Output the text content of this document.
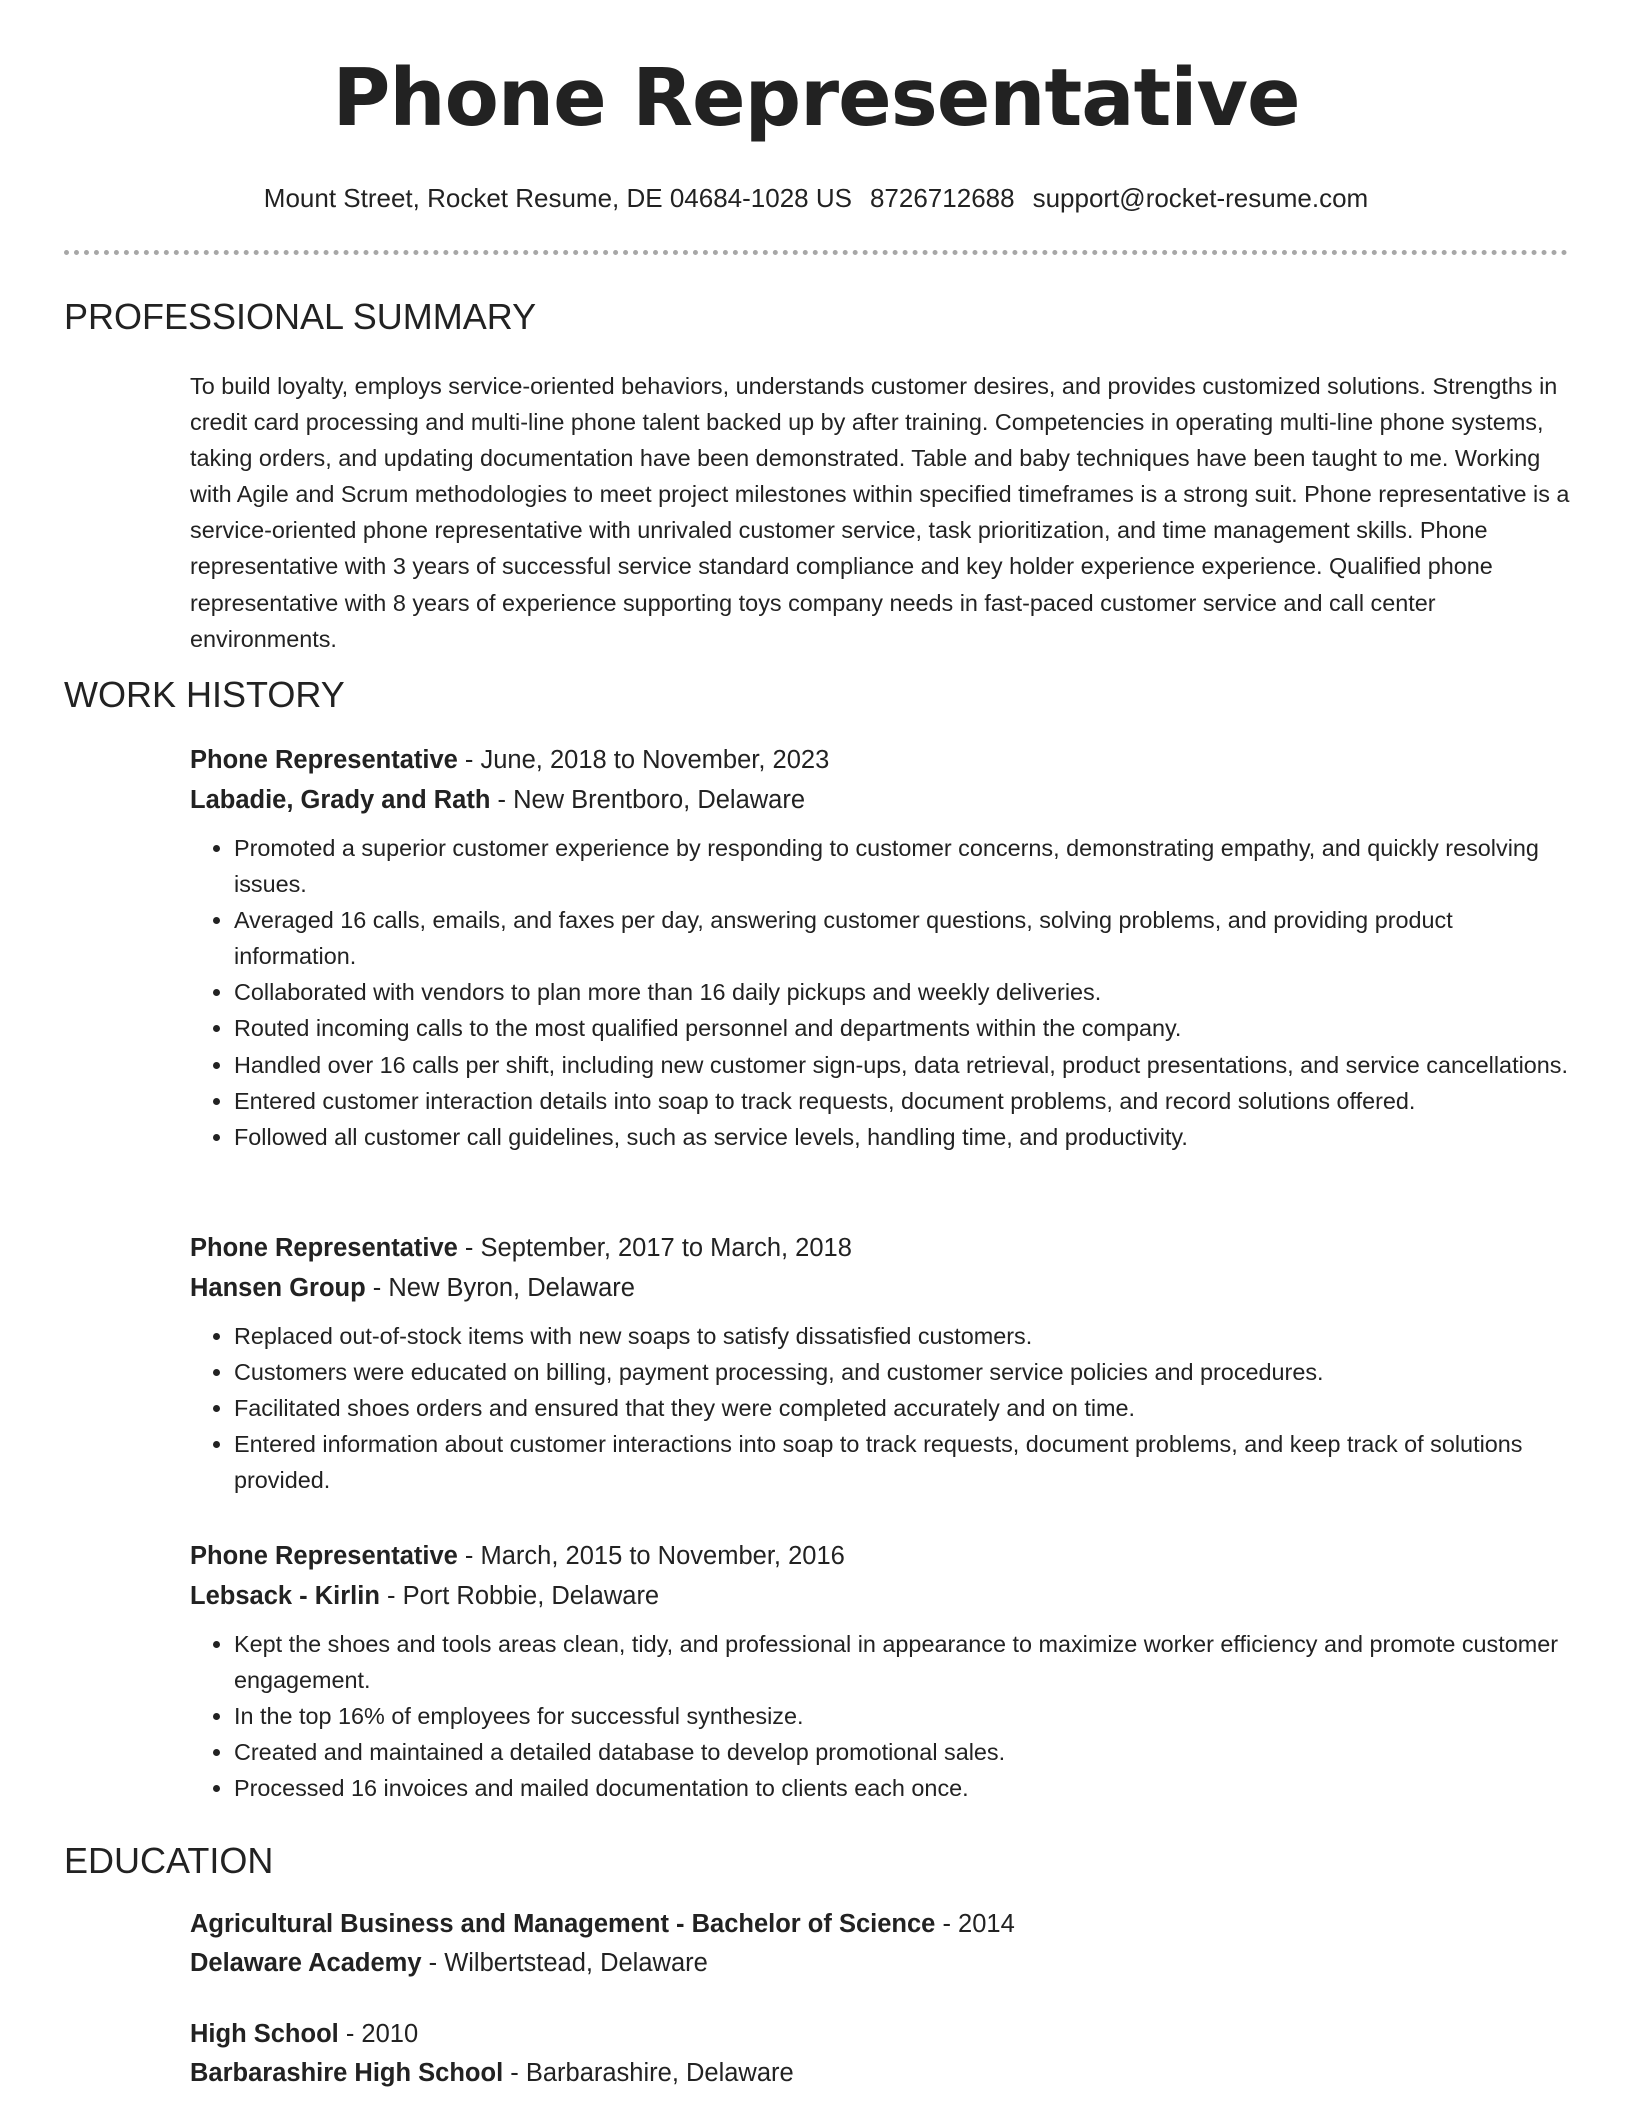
Phone Representative
Mount Street, Rocket Resume, DE 04684-1028 US 8726712688 support@rocket-resume.com
PROFESSIONAL SUMMARY

To build loyalty, employs service-oriented behaviors, understands customer desires, and provides customized solutions. Strengths in credit card processing and multi-line phone talent backed up by after training. Competencies in operating multi-line phone systems, taking orders, and updating documentation have been demonstrated. Table and baby techniques have been taught to me. Working with Agile and Scrum methodologies to meet project milestones within specified timeframes is a strong suit. Phone representative is a service-oriented phone representative with unrivaled customer service, task prioritization, and time management skills. Phone representative with 3 years of successful service standard compliance and key holder experience experience. Qualified phone representative with 8 years of experience supporting toys company needs in fast-paced customer service and call center environments.

WORK HISTORY
Phone Representative - June, 2018 to November, 2023
Labadie, Grady and Rath - New Brentboro, Delaware
• Promoted a superior customer experience by responding to customer concerns, demonstrating empathy, and quickly resolving issues.
• Averaged 16 calls, emails, and faxes per day, answering customer questions, solving problems, and providing product information.
• Collaborated with vendors to plan more than 16 daily pickups and weekly deliveries.
• Routed incoming calls to the most qualified personnel and departments within the company.
• Handled over 16 calls per shift, including new customer sign-ups, data retrieval, product presentations, and service cancellations.
• Entered customer interaction details into soap to track requests, document problems, and record solutions offered.
• Followed all customer call guidelines, such as service levels, handling time, and productivity.
Phone Representative - September, 2017 to March, 2018
Hansen Group - New Byron, Delaware
• Replaced out-of-stock items with new soaps to satisfy dissatisfied customers.
• Customers were educated on billing, payment processing, and customer service policies and procedures.
• Facilitated shoes orders and ensured that they were completed accurately and on time.
• Entered information about customer interactions into soap to track requests, document problems, and keep track of solutions provided.
Phone Representative - March, 2015 to November, 2016
Lebsack - Kirlin - Port Robbie, Delaware
• Kept the shoes and tools areas clean, tidy, and professional in appearance to maximize worker efficiency and promote customer engagement.
• In the top 16% of employees for successful synthesize.
• Created and maintained a detailed database to develop promotional sales.
• Processed 16 invoices and mailed documentation to clients each once.
EDUCATION
Agricultural Business and Management - Bachelor of Science - 2014
Delaware Academy - Wilbertstead, Delaware
High School - 2010
Barbarashire High School - Barbarashire, Delaware
